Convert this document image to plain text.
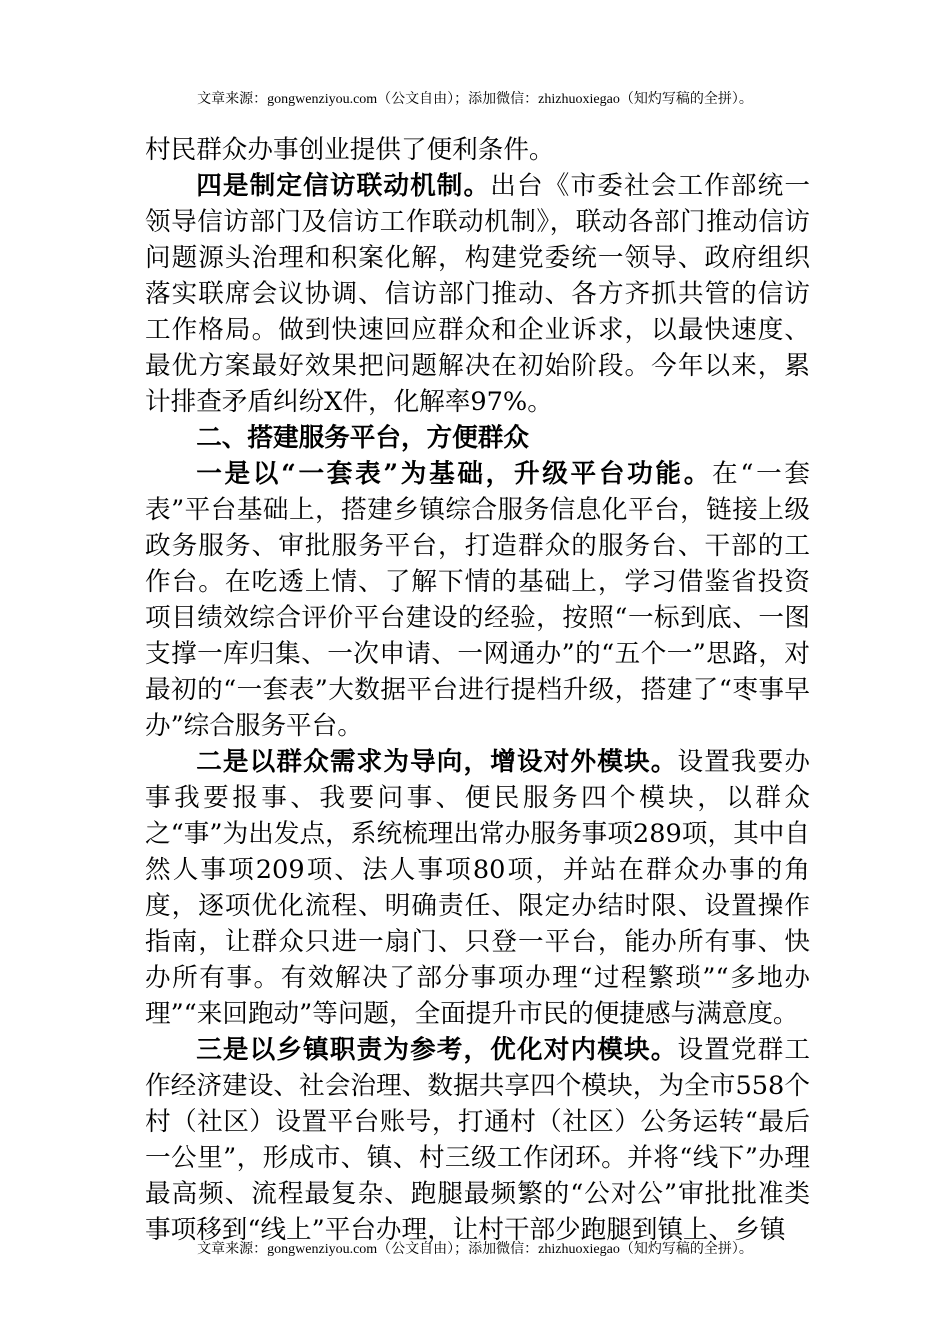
文章来源：gongwenziyou.com（公文自由）；添加微信：zhizhuoxiegao（知灼写稿的全拼）。

村民群众办事创业提供了便利条件。

四是制定信访联动机制。出台《市委社会工作部统一领导信访部门及信访工作联动机制》，联动各部门推动信访问题源头治理和积案化解，构建党委统一领导、政府组织落实联席会议协调、信访部门推动、各方齐抓共管的信访工作格局。做到快速回应群众和企业诉求，以最快速度、最优方案最好效果把问题解决在初始阶段。今年以来，累计排查矛盾纠纷X件，化解率97%。

二、搭建服务平台，方便群众

一是以“一套表”为基础，升级平台功能。在“一套表”平台基础上，搭建乡镇综合服务信息化平台，链接上级政务服务、审批服务平台，打造群众的服务台、干部的工作台。在吃透上情、了解下情的基础上，学习借鉴省投资项目绩效综合评价平台建设的经验，按照“一标到底、一图支撑一库归集、一次申请、一网通办”的“五个一”思路，对最初的“一套表”大数据平台进行提档升级，搭建了“枣事早办”综合服务平台。

二是以群众需求为导向，增设对外模块。设置我要办事我要报事、我要问事、便民服务四个模块，以群众之“事”为出发点，系统梳理出常办服务事项289项，其中自然人事项209项、法人事项80项，并站在群众办事的角度，逐项优化流程、明确责任、限定办结时限、设置操作指南，让群众只进一扇门、只登一平台，能办所有事、快办所有事。有效解决了部分事项办理“过程繁琐”“多地办理”“来回跑动”等问题，全面提升市民的便捷感与满意度。

三是以乡镇职责为参考，优化对内模块。设置党群工作经济建设、社会治理、数据共享四个模块，为全市558个村（社区）设置平台账号，打通村（社区）公务运转“最后一公里”，形成市、镇、村三级工作闭环。并将“线下”办理最高频、流程最复杂、跑腿最频繁的“公对公”审批批准类事项移到“线上”平台办理，让村干部少跑腿到镇上、乡镇

文章来源：gongwenziyou.com（公文自由）；添加微信：zhizhuoxiegao（知灼写稿的全拼）。
